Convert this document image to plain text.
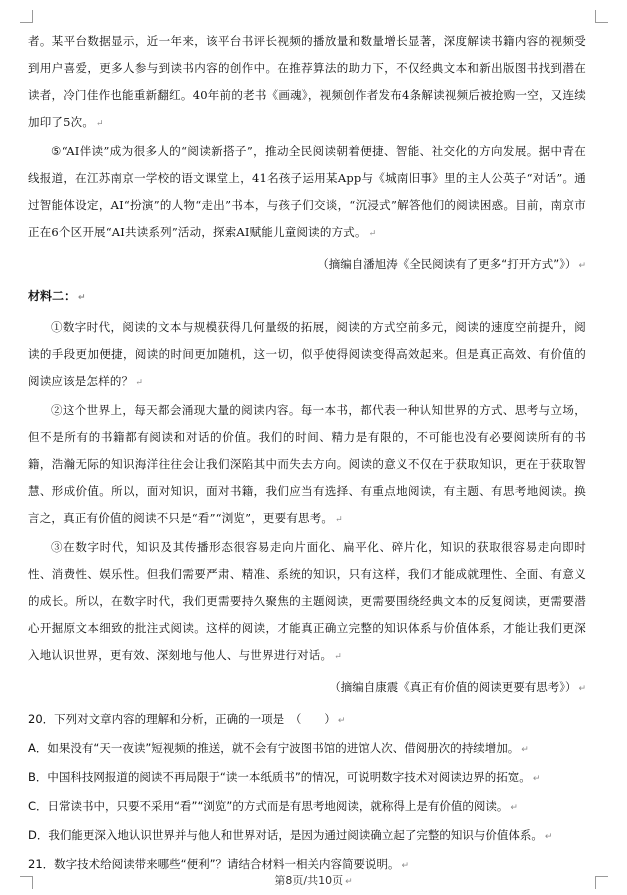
者。某平台数据显示，近一年来，该平台书评长视频的播放量和数量增长显著，深度解读书籍内容的视频受到用户喜爱，更多人参与到读书内容的创作中。在推荐算法的助力下，不仅经典文本和新出版图书找到潜在读者，冷门佳作也能重新翻红。40年前的老书《画魂》，视频创作者发布4条解读视频后被抢购一空，又连续加印了5次。 ↵

⑤“AI伴读”成为很多人的“阅读新搭子”，推动全民阅读朝着便捷、智能、社交化的方向发展。据中青在线报道，在江苏南京一学校的语文课堂上，41名孩子运用某App与《城南旧事》里的主人公英子“对话”。通过智能体设定，AI“扮演”的人物“走出”书本，与孩子们交谈，“沉浸式”解答他们的阅读困惑。目前，南京市正在6个区开展“AI共读系列”活动，探索AI赋能儿童阅读的方式。 ↵

（摘编自潘旭涛《全民阅读有了更多“打开方式”》） ↵

材料二： ↵

①数字时代，阅读的文本与规模获得几何量级的拓展，阅读的方式空前多元，阅读的速度空前提升，阅读的手段更加便捷，阅读的时间更加随机，这一切，似乎使得阅读变得高效起来。但是真正高效、有价值的阅读应该是怎样的？ ↵

②这个世界上，每天都会涌现大量的阅读内容。每一本书，都代表一种认知世界的方式、思考与立场，但不是所有的书籍都有阅读和对话的价值。我们的时间、精力是有限的，不可能也没有必要阅读所有的书籍，浩瀚无际的知识海洋往往会让我们深陷其中而失去方向。阅读的意义不仅在于获取知识，更在于获取智慧、形成价值。所以，面对知识，面对书籍，我们应当有选择、有重点地阅读，有主题、有思考地阅读。换言之，真正有价值的阅读不只是“看”“浏览”，更要有思考。 ↵

③在数字时代，知识及其传播形态很容易走向片面化、扁平化、碎片化，知识的获取很容易走向即时性、消费性、娱乐性。但我们需要严肃、精准、系统的知识，只有这样，我们才能成就理性、全面、有意义的成长。所以，在数字时代，我们更需要持久聚焦的主题阅读，更需要围绕经典文本的反复阅读，更需要潜心开掘原文本细致的批注式阅读。这样的阅读，才能真正确立完整的知识体系与价值体系，才能让我们更深入地认识世界，更有效、深刻地与他人、与世界进行对话。 ↵

（摘编自康震《真正有价值的阅读更要有思考》） ↵

20．下列对文章内容的理解和分析，正确的一项是　（　　） ↵

A．如果没有“天一夜读”短视频的推送，就不会有宁波图书馆的进馆人次、借阅册次的持续增加。 ↵

B．中国科技网报道的阅读不再局限于“读一本纸质书”的情况，可说明数字技术对阅读边界的拓宽。 ↵

C．日常读书中，只要不采用“看”“浏览”的方式而是有思考地阅读，就称得上是有价值的阅读。 ↵

D．我们能更深入地认识世界并与他人和世界对话，是因为通过阅读确立起了完整的知识与价值体系。 ↵

21．数字技术给阅读带来哪些“便利”？请结合材料一相关内容简要说明。 ↵

第8页/共10页 ↵
